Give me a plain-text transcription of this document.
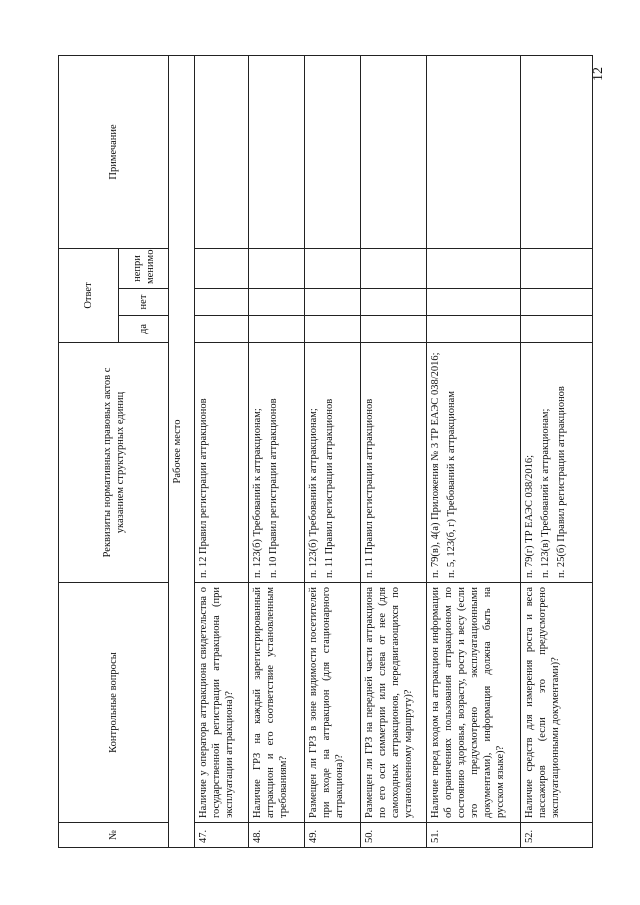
12
№	Контрольные вопросы	Реквизиты нормативных правовых актов с указанием структурных единиц	Ответ			Примечание
			да	нет	непри менимо	
Рабочее место						
47.	Наличие у оператора аттракциона свидетельства о государственной регистрации аттракциона (при эксплуатации аттракциона)?	п. 12 Правил регистрации аттракционов				

48.	Наличие ГРЗ на каждый зарегистрированный аттракцион и его соответствие установленным требованиям?	п. 123(б) Требований к аттракционам; п. 10 Правил регистрации аттракционов				

49.	Размещен ли ГРЗ в зоне видимости посетителей при входе на аттракцион (для стационарного аттракциона)?	п. 123(б) Требований к аттракционам; п. 11 Правил регистрации аттракционов				

50.	Размещен ли ГРЗ на передней части аттракциона по его оси симметрии или слева от нее (для самоходных аттракционов, передвигающихся по установленному маршруту)?	п. 11 Правил регистрации аттракционов				

51.	Наличие перед входом на аттракцион информации об ограничениях пользования аттракционом по состоянию здоровья, возрасту, росту и весу (если это предусмотрено эксплуатационными документами), информация должна быть на русском языке)?	п. 79(в), 4(а) Приложения № 3 ТР ЕАЭС 038/2016; п. 5, 123(б, г) Требований к аттракционам				

52.	Наличие средств для измерения роста и веса пассажиров (если это предусмотрено эксплуатационными документами)?	п. 79(г) ТР ЕАЭС 038/2016; п. 123(в) Требований к аттракционам; п. 25(б) Правил регистрации аттракционов				
